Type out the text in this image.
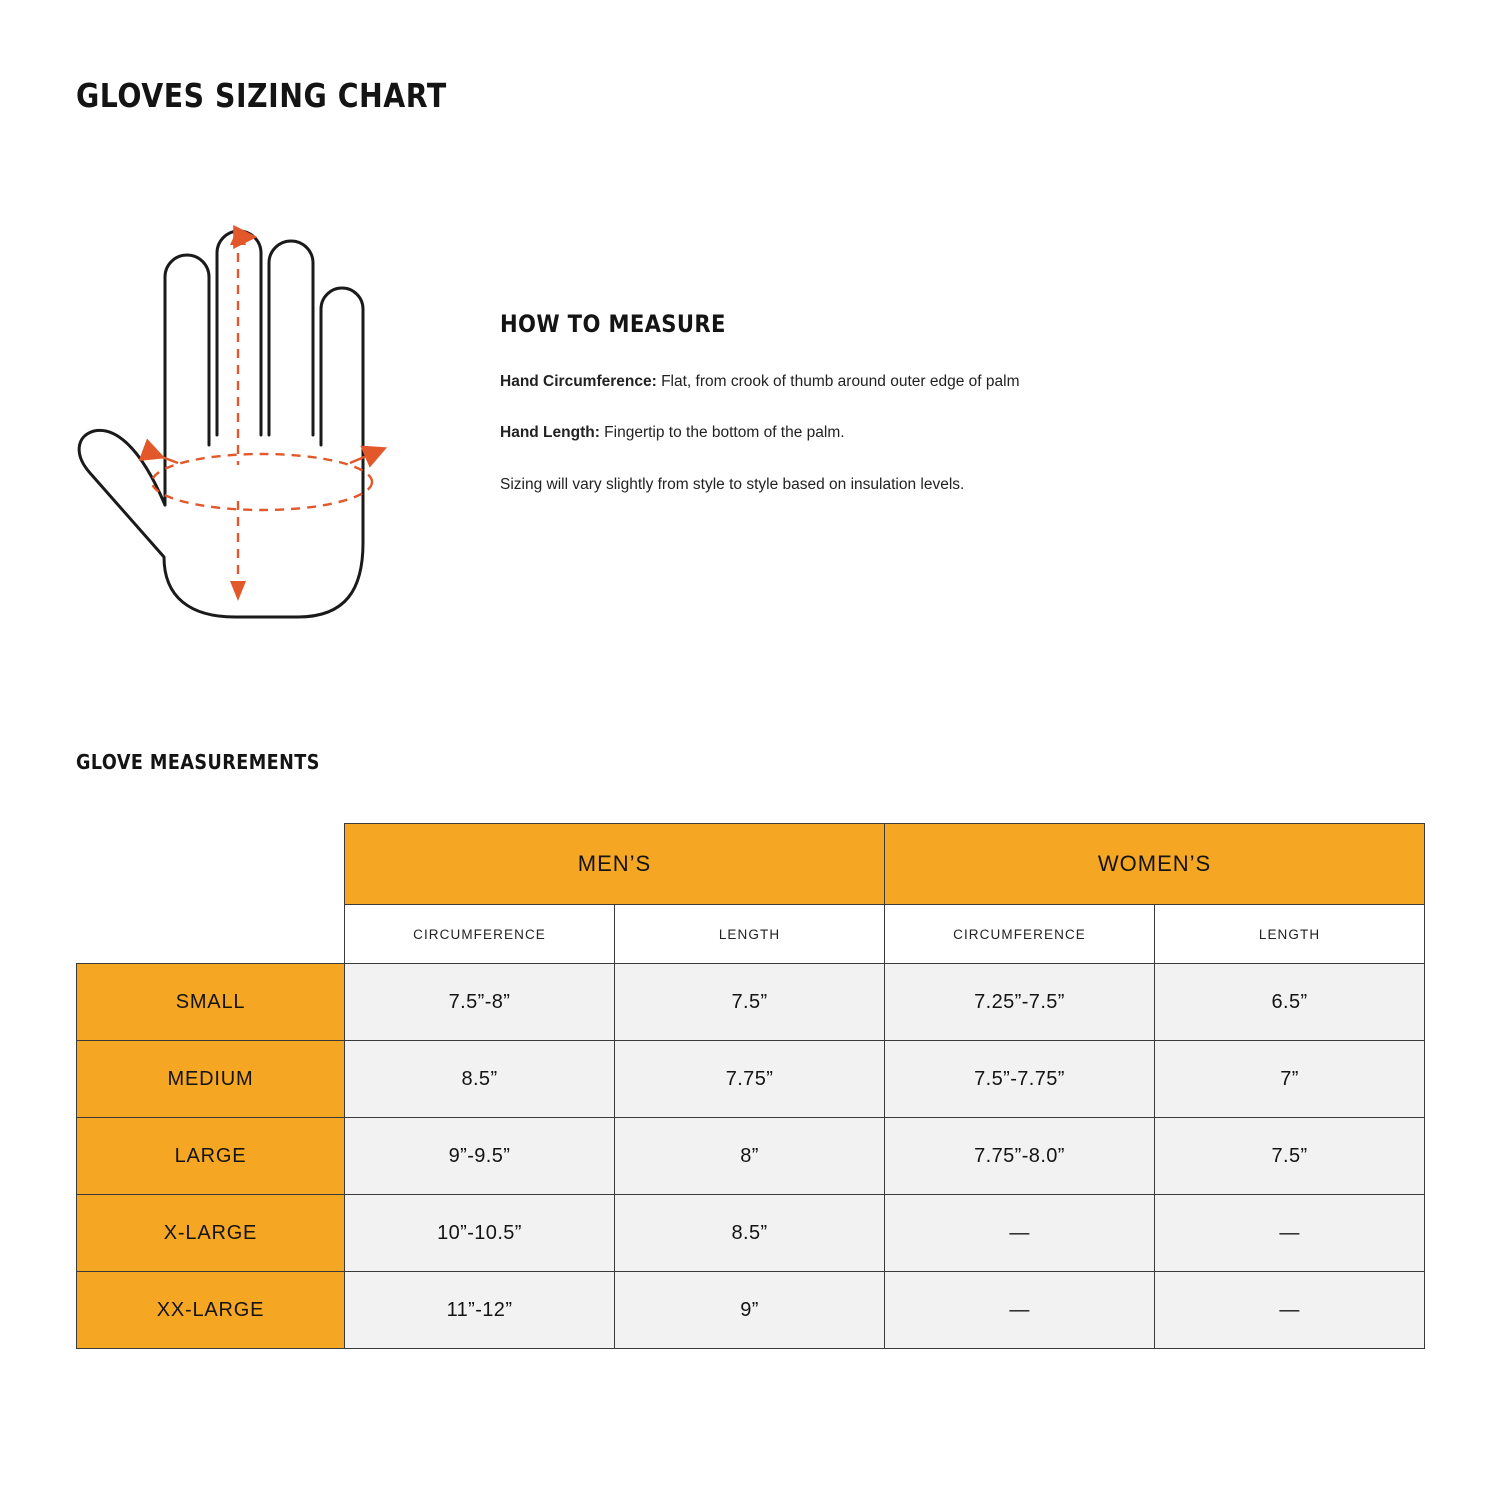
GLOVES SIZING CHART
HOW TO MEASURE
Hand Circumference: Flat, from crook of thumb around outer edge of palm
Hand Length: Fingertip to the bottom of the palm.
Sizing will vary slightly from style to style based on insulation levels.
GLOVE MEASUREMENTS
	MEN’S		WOMEN’S	
	CIRCUMFERENCE	LENGTH	CIRCUMFERENCE	LENGTH
SMALL	7.5”-8”	7.5”	7.25”-7.5”	6.5”
MEDIUM	8.5”	7.75”	7.5”-7.75”	7”
LARGE	9”-9.5”	8”	7.75”-8.0”	7.5”
X-LARGE	10”-10.5”	8.5”	—	—
XX-LARGE	11”-12”	9”	—	—
